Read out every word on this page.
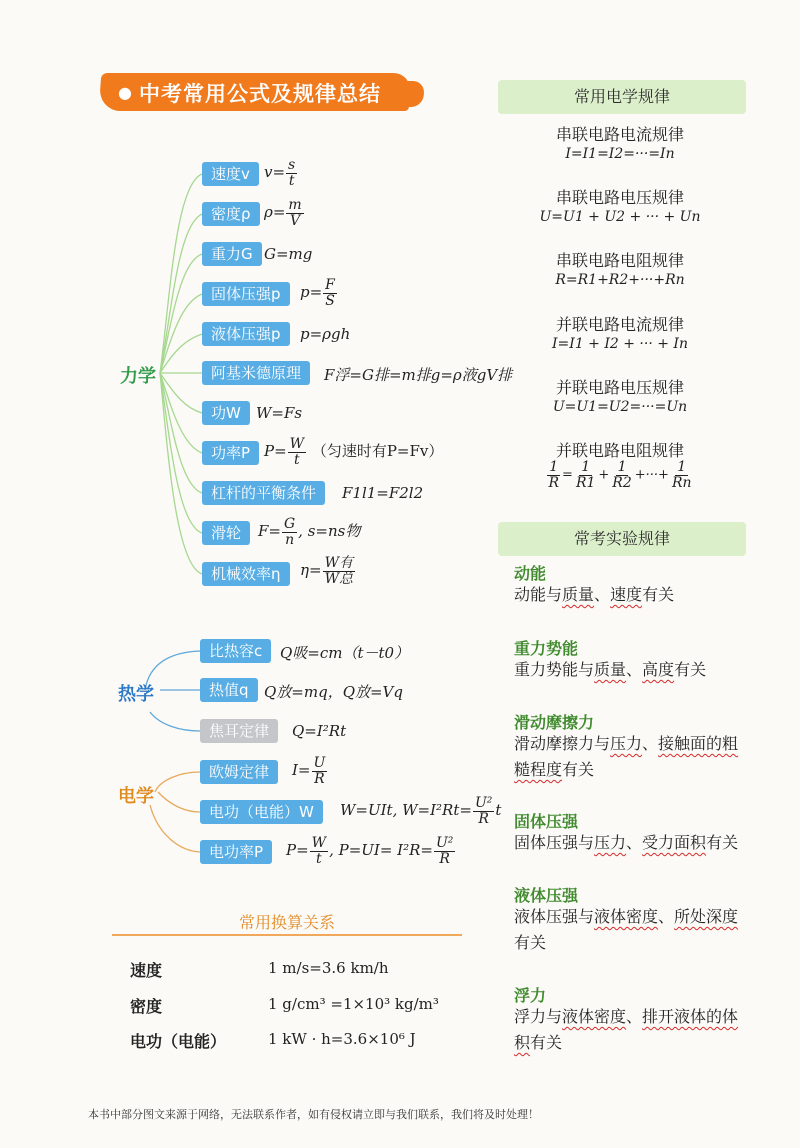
● 中考常用公式及规律总结
力学
热学
电学
速度v $v= \frac{s}{t}$
密度ρ $\rho= \frac{m}{V}$
重力G G=mg
固体压强p	$p= \frac{F}{S}$
液体压强p	p=ρgh
阿基米德原理	F浮=G排=m排g=ρ液gV排
功W	W=Fs
功率P $P= \frac{W}{t}$ （匀速时有P=Fv）
杠杆的平衡条件	F1l1=F2l2
滑轮	$F= \frac{G}{n}$ , s=ns物
机械效率η	$\eta= \frac{\text{W有}}{\text{W总}}$
比热容c	Q吸=cm（t－t0）
热值q	Q放=mq，Q放=Vq
焦耳定律	Q=I²Rt
欧姆定律	$I= \frac{U}{R}$
电功（电能）W	W=UIt, $W=I^2Rt= \frac{\text{U²}}{R}$ t
电功率P	$P= \frac{W}{t}$ , $P=UI= I^2R= \frac{\text{U²}}{R}$
常用换算关系
速度	1 m/s=3.6 km/h
密度	1 g/cm³ =1×10³ kg/m³
电功（电能）	1 kW · h=3.6×10⁶ J
常用电学规律
串联电路电流规律
I=I1=I2=···=In
串联电路电压规律
U=U1 + U2 + ··· + Un
串联电路电阻规律
R=R1+R2+···+Rn
并联电路电流规律
I=I1 + I2 + ··· + In
并联电路电压规律
U=U1=U2=···=Un
并联电路电阻规律
$\frac{1}{R} = \frac{1}{R1} + \frac{1}{R2}$ +···+ $\frac{1}{Rn}$
常考实验规律
动能
动能与质量、速度有关
重力势能
重力势能与质量、高度有关
滑动摩擦力
滑动摩擦力与压力、接触面的粗糙程度有关
固体压强
固体压强与压力、受力面积有关
液体压强
液体压强与液体密度、所处深度有关
浮力
浮力与液体密度、排开液体的体积有关
本书中部分图文来源于网络，无法联系作者，如有侵权请立即与我们联系，我们将及时处理！
